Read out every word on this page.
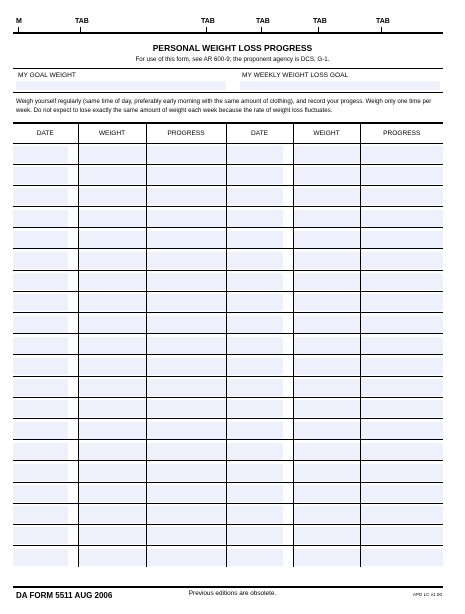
M	TAB	TAB	TAB	TAB	TAB
PERSONAL WEIGHT LOSS PROGRESS
For use of this form, see AR 600-9; the proponent agency is DCS, G-1.
MY GOAL WEIGHT	MY WEEKLY WEIGHT LOSS GOAL
Weigh yourself regularly (same time of day, preferably early morning with the same amount of clothing), and record your progess. Weigh only one time per week. Do not expect to lose exactly the same amount of weight each week because the rate of weight loss fluctuates.
DATE	WEIGHT	PROGRESS	DATE	WEIGHT	PROGRESS

DA FORM 5511 AUG 2006	Previous editions are obsolete.	APD LC v1.00
